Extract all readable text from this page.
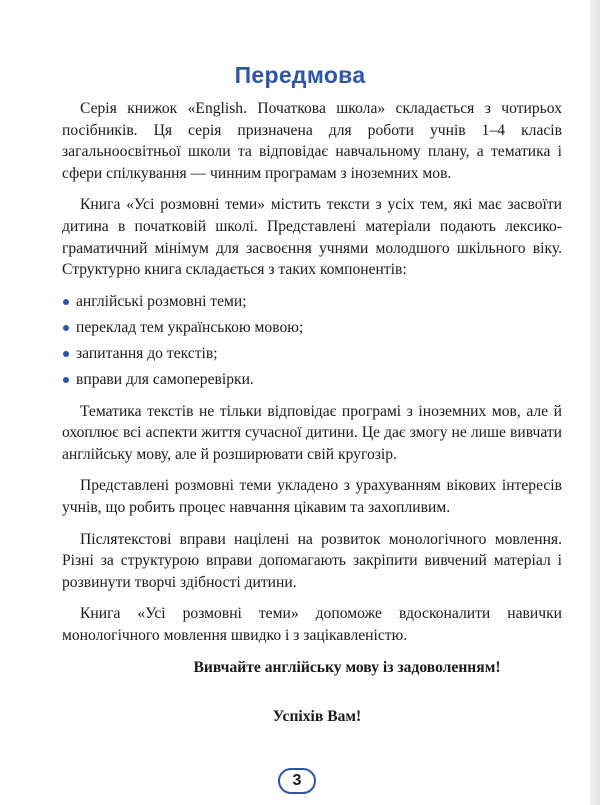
Передмова

Серія книжок «English. Початкова школа» складається з чотирьох посібників. Ця серія призначена для роботи учнів 1–4 класів загальноосвітньої школи та відповідає навчальному плану, а тематика і сфери спілкування — чинним програмам з іноземних мов.

Книга «Усі розмовні теми» містить тексти з усіх тем, які має засвоїти дитина в початковій школі. Представлені матеріали подають лексико-граматичний мінімум для засвоєння учнями молодшого шкільного віку. Структурно книга складається з таких компонентів:

англійські розмовні теми;
переклад тем українською мовою;
запитання до текстів;
вправи для самоперевірки.

Тематика текстів не тільки відповідає програмі з іноземних мов, але й охоплює всі аспекти життя сучасної дитини. Це дає змогу не лише вивчати англійську мову, але й розширювати свій кругозір.

Представлені розмовні теми укладено з урахуванням вікових інтересів учнів, що робить процес навчання цікавим та захопливим.

Післятекстові вправи націлені на розвиток монологічного мовлення. Різні за структурою вправи допомагають закріпити вивчений матеріал і розвинути творчі здібності дитини.

Книга «Усі розмовні теми» допоможе вдосконалити навички монологічного мовлення швидко і з зацікавленістю.

Вивчайте англійську мову із задоволенням!

Успіхів Вам!

3
